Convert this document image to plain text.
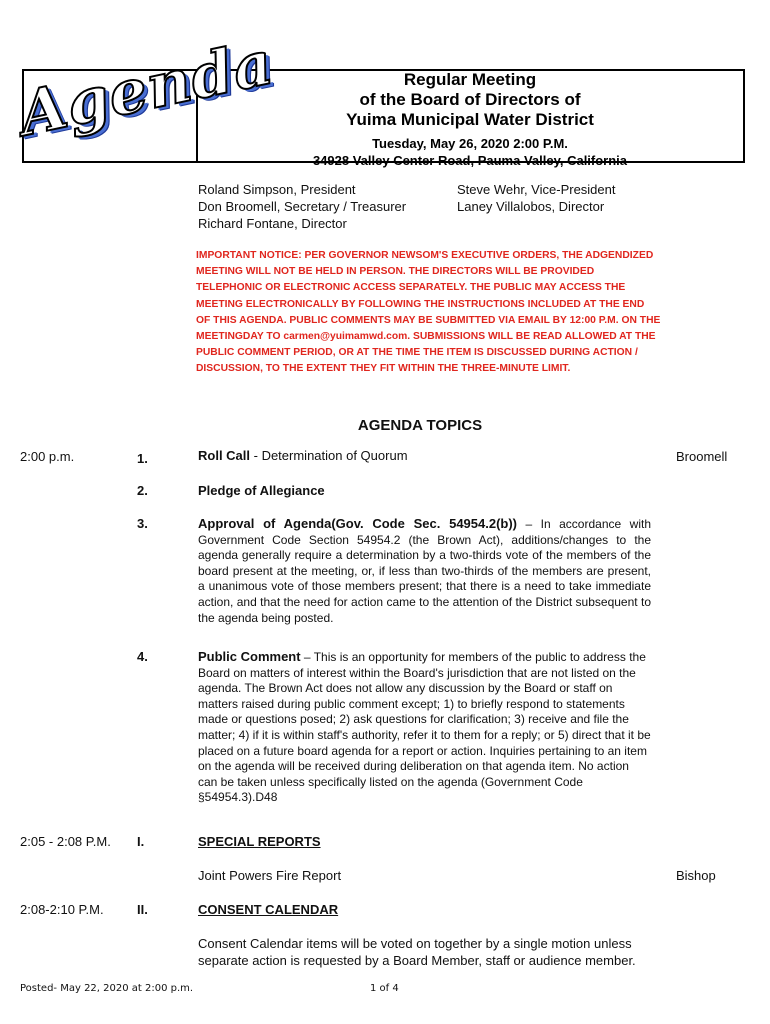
Agenda	Regular Meeting
of the Board of Directors of
Yuima Municipal Water District
Tuesday, May 26, 2020 2:00 P.M.
34928 Valley Center Road, Pauma Valley, California
Roland Simpson, President
Don Broomell, Secretary / Treasurer
Richard Fontane, Director
Steve Wehr, Vice-President
Laney Villalobos, Director
IMPORTANT NOTICE: PER GOVERNOR NEWSOM'S EXECUTIVE ORDERS, THE ADGENDIZED MEETING WILL NOT BE HELD IN PERSON. THE DIRECTORS WILL BE PROVIDED TELEPHONIC OR ELECTRONIC ACCESS SEPARATELY. THE PUBLIC MAY ACCESS THE MEETING ELECTRONICALLY BY FOLLOWING THE INSTRUCTIONS INCLUDED AT THE END OF THIS AGENDA. PUBLIC COMMENTS MAY BE SUBMITTED VIA EMAIL BY 12:00 P.M. ON THE MEETINGDAY TO carmen@yuimamwd.com. SUBMISSIONS WILL BE READ ALLOWED AT THE PUBLIC COMMENT PERIOD, OR AT THE TIME THE ITEM IS DISCUSSED DURING ACTION / DISCUSSION, TO THE EXTENT THEY FIT WITHIN THE THREE-MINUTE LIMIT.
AGENDA TOPICS
2:00 p.m.	1.	Roll Call - Determination of Quorum	Broomell
2.	Pledge of Allegiance
3.	Approval of Agenda(Gov. Code Sec. 54954.2(b)) – In accordance with Government Code Section 54954.2 (the Brown Act), additions/changes to the agenda generally require a determination by a two-thirds vote of the members of the board present at the meeting, or, if less than two-thirds of the members are present, a unanimous vote of those members present; that there is a need to take immediate action, and that the need for action came to the attention of the District subsequent to the agenda being posted.
4.	Public Comment – This is an opportunity for members of the public to address the Board on matters of interest within the Board's jurisdiction that are not listed on the agenda. The Brown Act does not allow any discussion by the Board or staff on matters raised during public comment except; 1) to briefly respond to statements made or questions posed; 2) ask questions for clarification; 3) receive and file the matter; 4) if it is within staff's authority, refer it to them for a reply; or 5) direct that it be placed on a future board agenda for a report or action. Inquiries pertaining to an item on the agenda will be received during deliberation on that agenda item. No action can be taken unless specifically listed on the agenda (Government Code §54954.3).D48
2:05 - 2:08 P.M. I.	SPECIAL REPORTS
Joint Powers Fire Report	Bishop
2:08-2:10 P.M.	II.	CONSENT CALENDAR
Consent Calendar items will be voted on together by a single motion unless separate action is requested by a Board Member, staff or audience member.
Posted- May 22, 2020 at 2:00 p.m.	1 of 4
